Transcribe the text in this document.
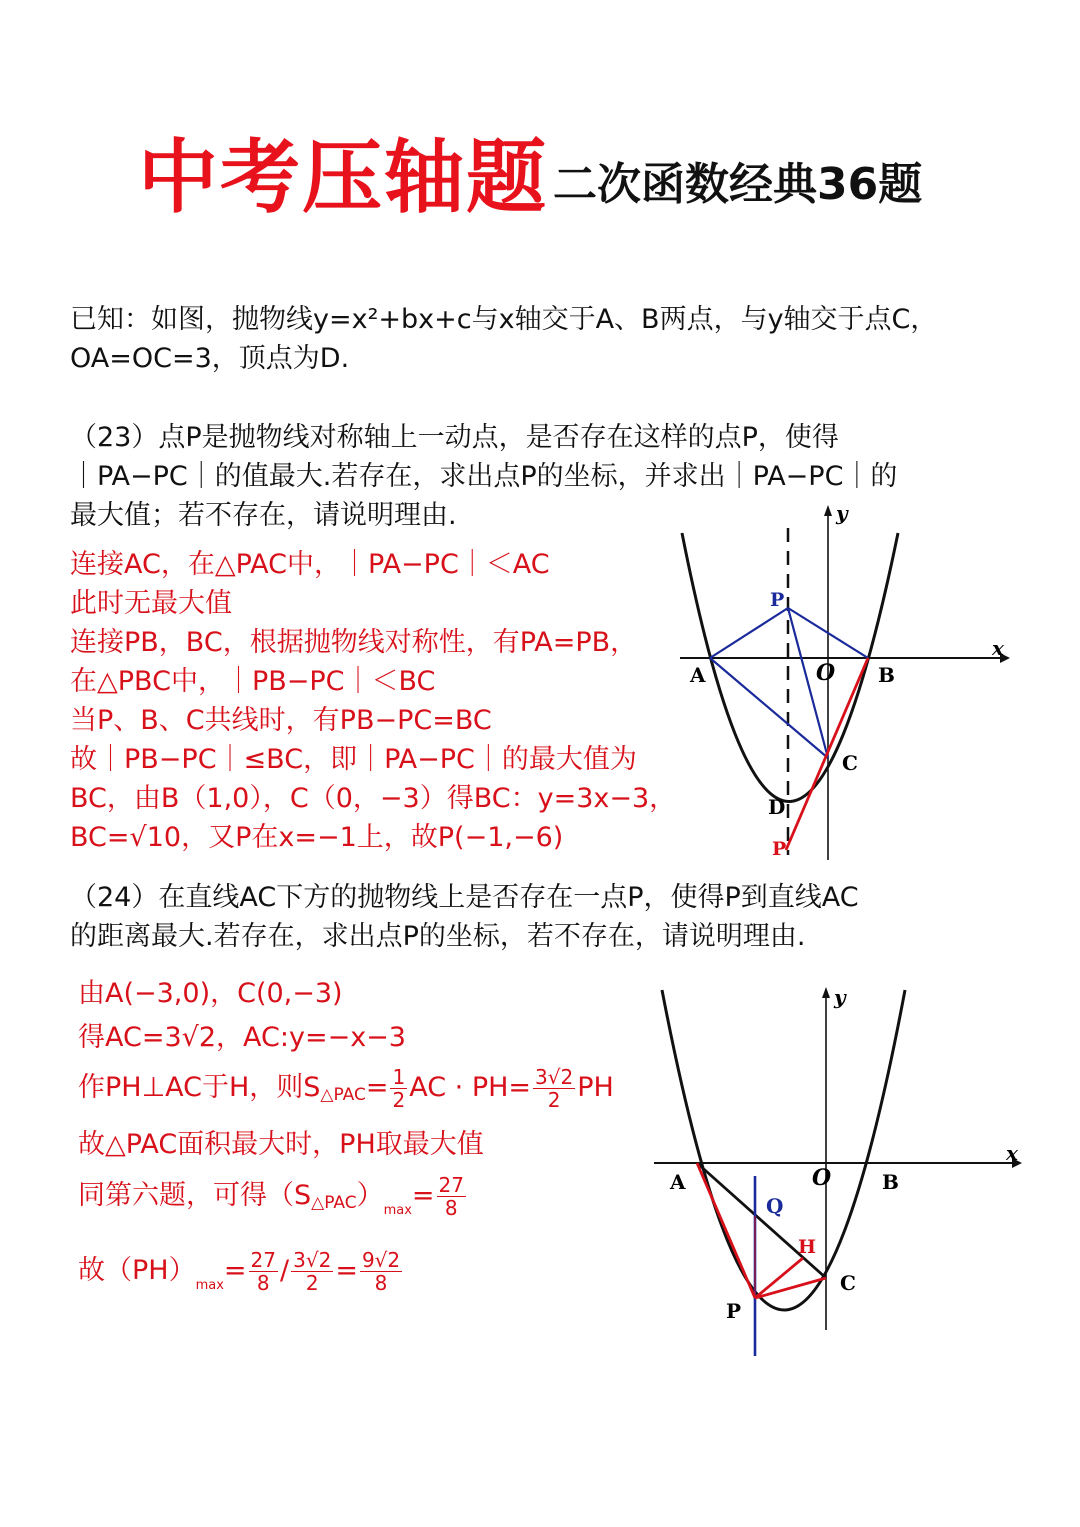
中考压轴题 二次函数经典36题
已知：如图，抛物线y=x²+bx+c与x轴交于A、B两点，与y轴交于点C，
OA=OC=3，顶点为D.
（23）点P是抛物线对称轴上一动点，是否存在这样的点P，使得
｜PA−PC｜的值最大.若存在，求出点P的坐标，并求出｜PA−PC｜的
最大值；若不存在，请说明理由.
连接AC，在△PAC中，｜PA−PC｜＜AC
此时无最大值
连接PB，BC，根据抛物线对称性，有PA=PB，
在△PBC中，｜PB−PC｜＜BC
当P、B、C共线时，有PB−PC=BC
故｜PB−PC｜≤BC，即｜PA−PC｜的最大值为
BC，由B（1,0），C（0，−3）得BC：y=3x−3，
BC=√10，又P在x=−1上，故P(−1,−6)
y
x
O
A	B
C
D
P
P
（24）在直线AC下方的抛物线上是否存在一点P，使得P到直线AC
的距离最大.若存在，求出点P的坐标，若不存在，请说明理由.
由A(−3,0)，C(0,−3)
得AC=3√2，AC:y=−x−3
作PH⊥AC于H，则$S_{\triangle PAC}= \frac{1}{2}$ AC · $PH= \frac{3√2}{2}$ PH
故△PAC面积最大时，PH取最大值
同第六题，可得$(S_{\triangle PAC})_{max}= \frac{27}{8}$
故$(PH)_{max}= \frac{27}{8} / \frac{3√2}{2} = \frac{9√2}{8}$
y
x
O
A	B
C
P
Q
H
